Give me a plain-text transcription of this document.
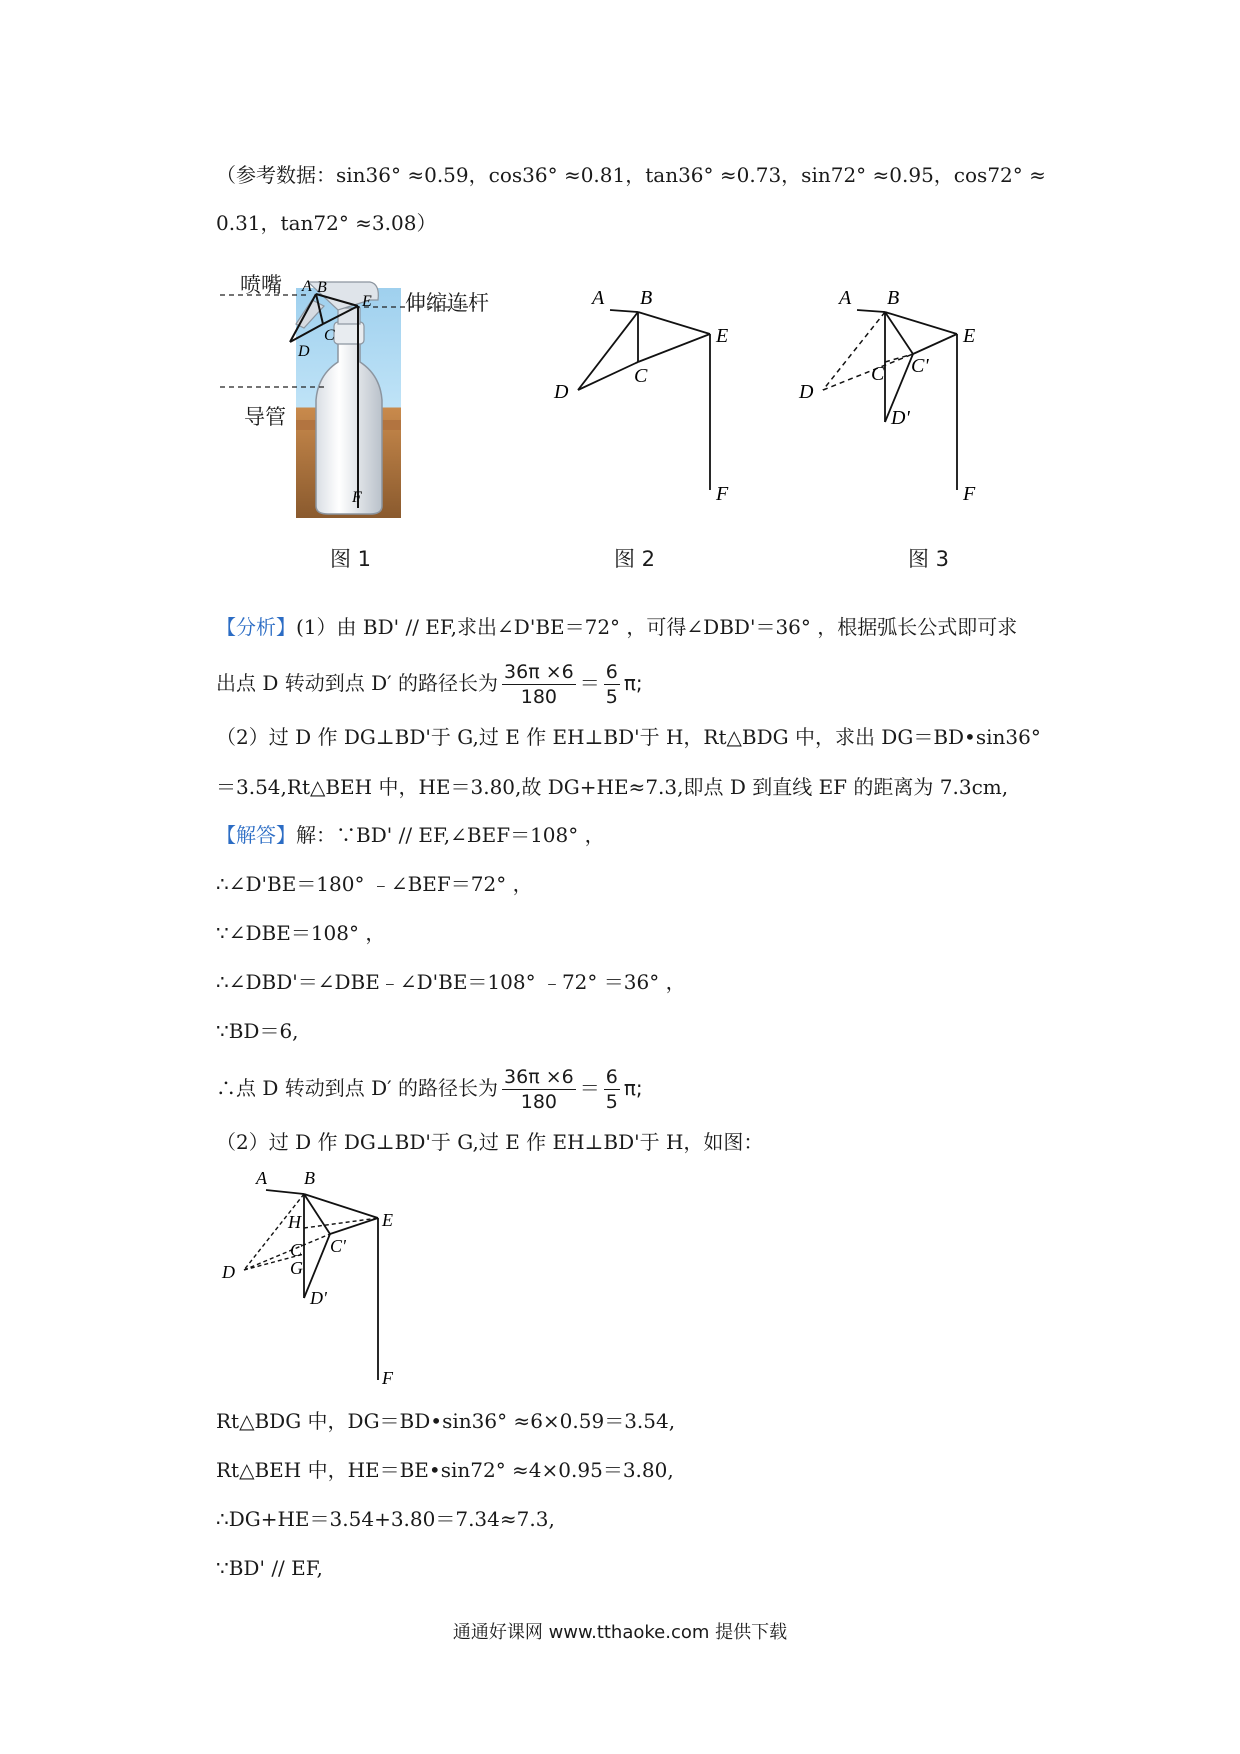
（参考数据：sin36° ≈0.59，cos36° ≈0.81，tan36° ≈0.73，sin72° ≈0.95，cos72° ≈
0.31，tan72° ≈3.08）
A B
E
C
D
F
喷嘴
伸缩连杆
导管
A B
E
C
D
F
A B
E
C C'
D
D'
F
图 1	图 2	图 3
【分析】(1）由 BD' // EF,求出∠D'BE＝72° ，可得∠DBD'＝36° ，根据弧长公式即可求
出点 D 转动到点 D′ 的路径长为 $\frac{36\pi \times 6}{180} = \frac{6}{5} \pi$;
（2）过 D 作 DG⊥BD'于 G,过 E 作 EH⊥BD'于 H，Rt△BDG 中，求出 DG＝BD•sin36°
＝3.54,Rt△BEH 中，HE＝3.80,故 DG+HE≈7.3,即点 D 到直线 EF 的距离为 7.3cm,
【解答】解：∵BD' // EF,∠BEF＝108° ，
∴∠D'BE＝180° ﹣∠BEF＝72° ，
∵∠DBE＝108° ，
∴∠DBD'＝∠DBE﹣∠D'BE＝108° ﹣72° ＝36° ，
∵BD＝6,
∴点 D 转动到点 D′ 的路径长为 $\frac{36\pi \times 6}{180} = \frac{6}{5} \pi$;
（2）过 D 作 DG⊥BD'于 G,过 E 作 EH⊥BD'于 H，如图：
A B
H	E
C'
C
G
D
D'
F
Rt△BDG 中，DG＝BD•sin36° ≈6×0.59＝3.54,
Rt△BEH 中，HE＝BE•sin72° ≈4×0.95＝3.80,
∴DG+HE＝3.54+3.80＝7.34≈7.3,
∵BD' // EF,
通通好课网 www.tthaoke.com 提供下载
